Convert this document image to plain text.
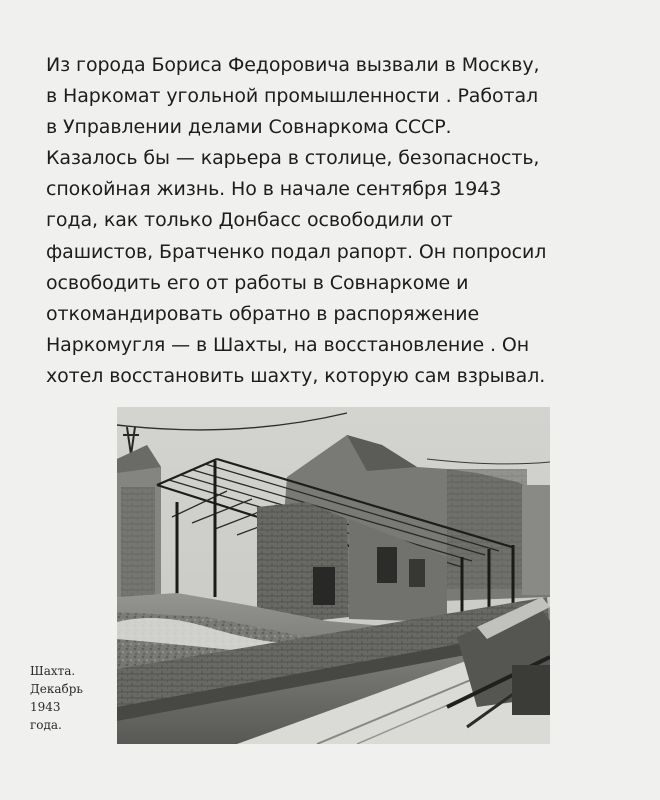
Из города Бориса Федоровича вызвали в Москву,
в Наркомат угольной промышленности . Работал
в Управлении делами Совнаркома СССР.
Казалось бы — карьера в столице, безопасность,
спокойная жизнь. Но в начале сентября 1943
года, как только Донбасс освободили от
фашистов, Братченко подал рапорт. Он попросил
освободить его от работы в Совнаркоме и
откомандировать обратно в распоряжение
Наркомугля — в Шахты, на восстановление . Он
хотел восстановить шахту, которую сам взрывал.
Шахта.
Декабрь
1943
года.
